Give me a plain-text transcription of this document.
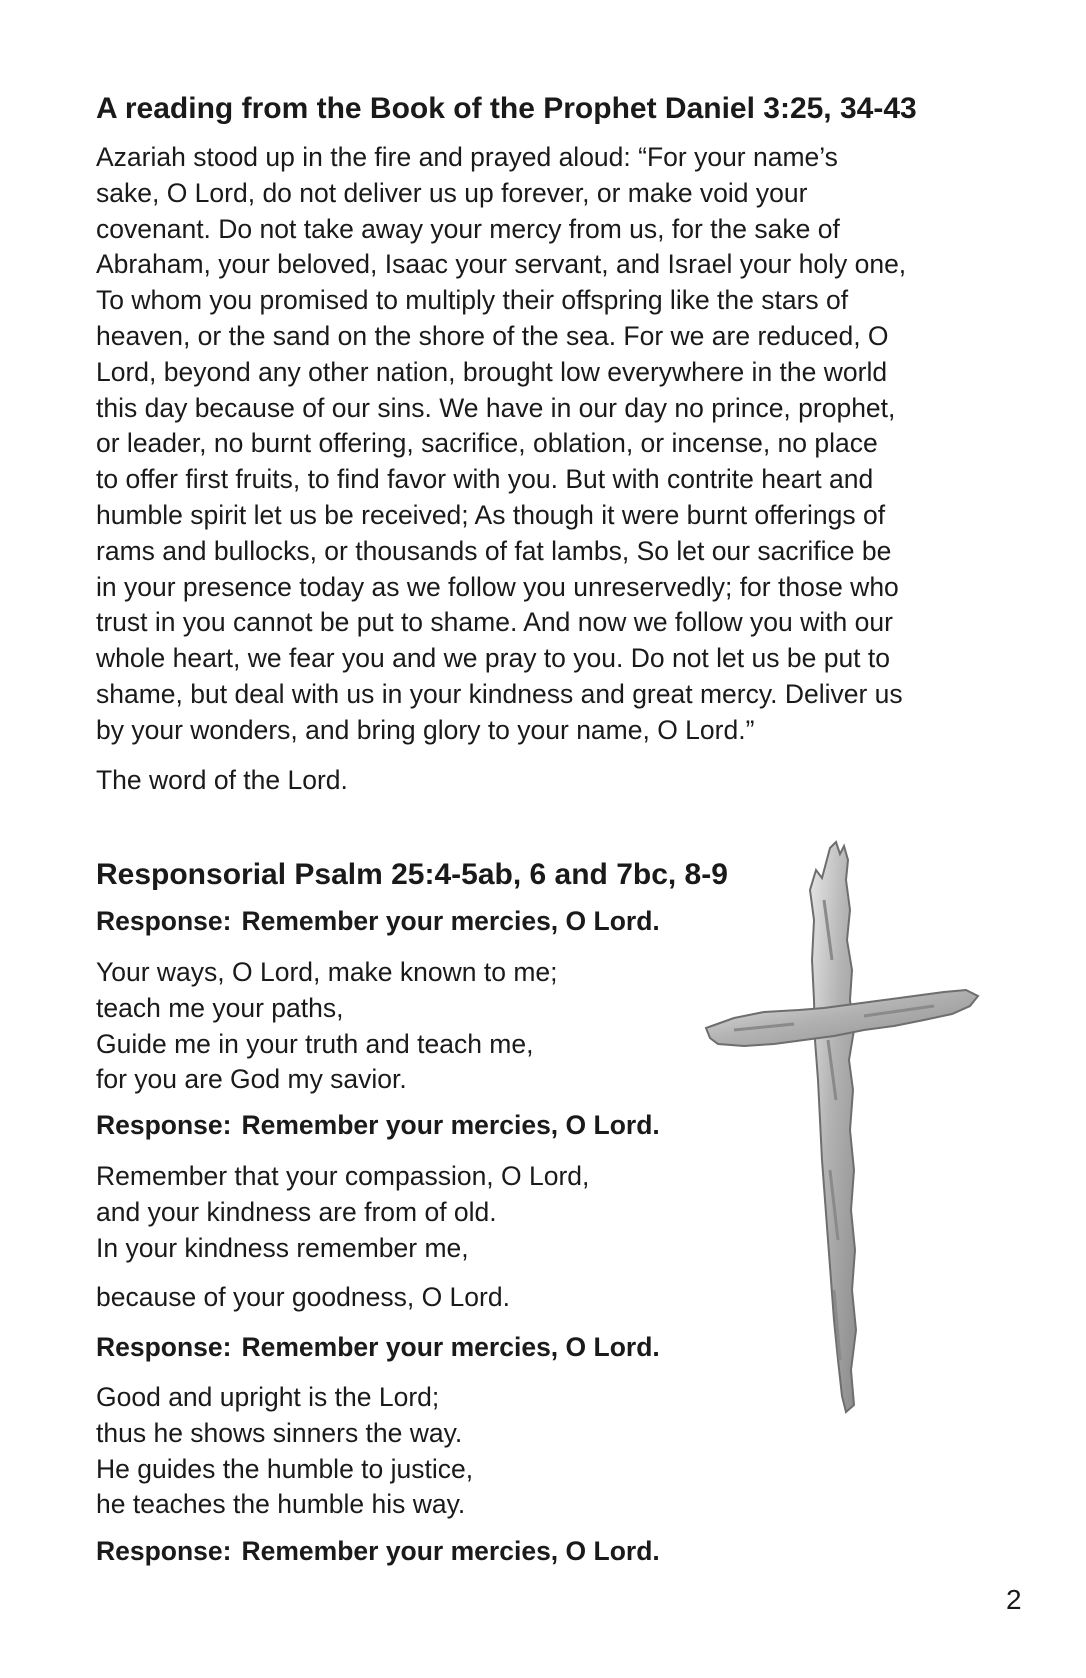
A reading from the Book of the Prophet Daniel 3:25, 34-43
Azariah stood up in the fire and prayed aloud: “For your name’s
sake, O Lord, do not deliver us up forever, or make void your
covenant. Do not take away your mercy from us, for the sake of
Abraham, your beloved, Isaac your servant, and Israel your holy one,
To whom you promised to multiply their offspring like the stars of
heaven, or the sand on the shore of the sea. For we are reduced, O
Lord, beyond any other nation, brought low everywhere in the world
this day because of our sins. We have in our day no prince, prophet,
or leader, no burnt offering, sacrifice, oblation, or incense, no place
to offer first fruits, to find favor with you. But with contrite heart and
humble spirit let us be received; As though it were burnt offerings of
rams and bullocks, or thousands of fat lambs, So let our sacrifice be
in your presence today as we follow you unreservedly; for those who
trust in you cannot be put to shame. And now we follow you with our
whole heart, we fear you and we pray to you. Do not let us be put to
shame, but deal with us in your kindness and great mercy. Deliver us
by your wonders, and bring glory to your name, O Lord.”
The word of the Lord.
Responsorial Psalm 25:4-5ab, 6 and 7bc, 8-9
Response: Remember your mercies, O Lord.
Your ways, O Lord, make known to me;
teach me your paths,
Guide me in your truth and teach me,
for you are God my savior.
Response: Remember your mercies, O Lord.
Remember that your compassion, O Lord,
and your kindness are from of old.
In your kindness remember me,
because of your goodness, O Lord.
Response: Remember your mercies, O Lord.
Good and upright is the Lord;
thus he shows sinners the way.
He guides the humble to justice,
he teaches the humble his way.
Response: Remember your mercies, O Lord.
2
